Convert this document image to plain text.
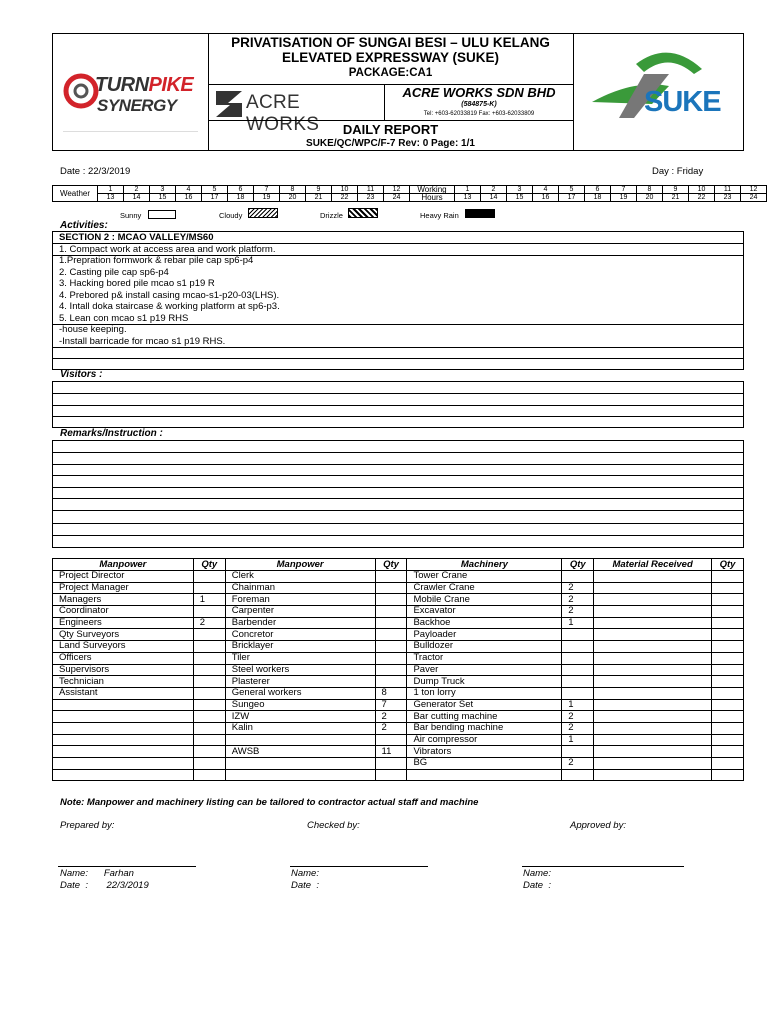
TURNPIKE
SYNERGY
PRIVATISATION OF SUNGAI BESI – ULU KELANG
ELEVATED EXPRESSWAY (SUKE)
PACKAGE:CA1
ACRE WORKS
ACRE WORKS SDN BHD
(584875-K)
Tel: +603-62033819 Fax: +603-62033809
DAILY REPORT
SUKE/QC/WPC/F-7 Rev: 0 Page: 1/1
SUKE
Date : 22/3/2019	Day : Friday
Weather	1	2	3	4	5	6	7	8	9	10	11	12	Working	1	2	3	4	5	6	7	8	9	10	11	12
	13	14	15	16	17	18	19	20	21	22	23	24	Hours	13	14	15	16	17	18	19	20	21	22	23	24
Sunny	Cloudy	Drizzle	Heavy Rain
Activities:
SECTION 2 : MCAO VALLEY/MS60
1. Compact work at access area and work platform.
1.Prepration formwork & rebar pile cap sp6-p4
2. Casting pile cap sp6-p4
3. Hacking bored pile mcao s1 p19 R
4. Prebored p& install casing mcao-s1-p20-03(LHS).
4. Intall doka staircase & working platform at sp6-p3.
5. Lean con mcao s1 p19 RHS
-house keeping.
-Install barricade for mcao s1 p19 RHS.
Visitors :
Remarks/Instruction :
Manpower	Qty	Manpower	Qty	Machinery	Qty	Material Received	Qty
Project Director		Clerk		Tower Crane			
Project Manager		Chainman		Crawler Crane	2		
Managers	1	Foreman		Mobile Crane	2		
Coordinator		Carpenter		Excavator	2		
Engineers	2	Barbender		Backhoe	1		
Qty Surveyors		Concretor		Payloader			
Land Surveyors		Bricklayer		Bulldozer			
Officers		Tiler		Tractor			
Supervisors		Steel workers		Paver			
Technician		Plasterer		Dump Truck			
Assistant		General workers	8	1 ton lorry			
		Sungeo	7	Generator Set	1		
		IZW	2	Bar cutting machine	2		
		Kalin	2	Bar bending machine	2		
				Air compressor	1		
		AWSB	11	Vibrators			
				BG	2		

Note: Manpower and machinery listing can be tailored to contractor actual staff and machine
Prepared by:	Checked by:	Approved by:
Name:      Farhan
Date  :       22/3/2019
Name:
Date  :
Name:
Date  :
